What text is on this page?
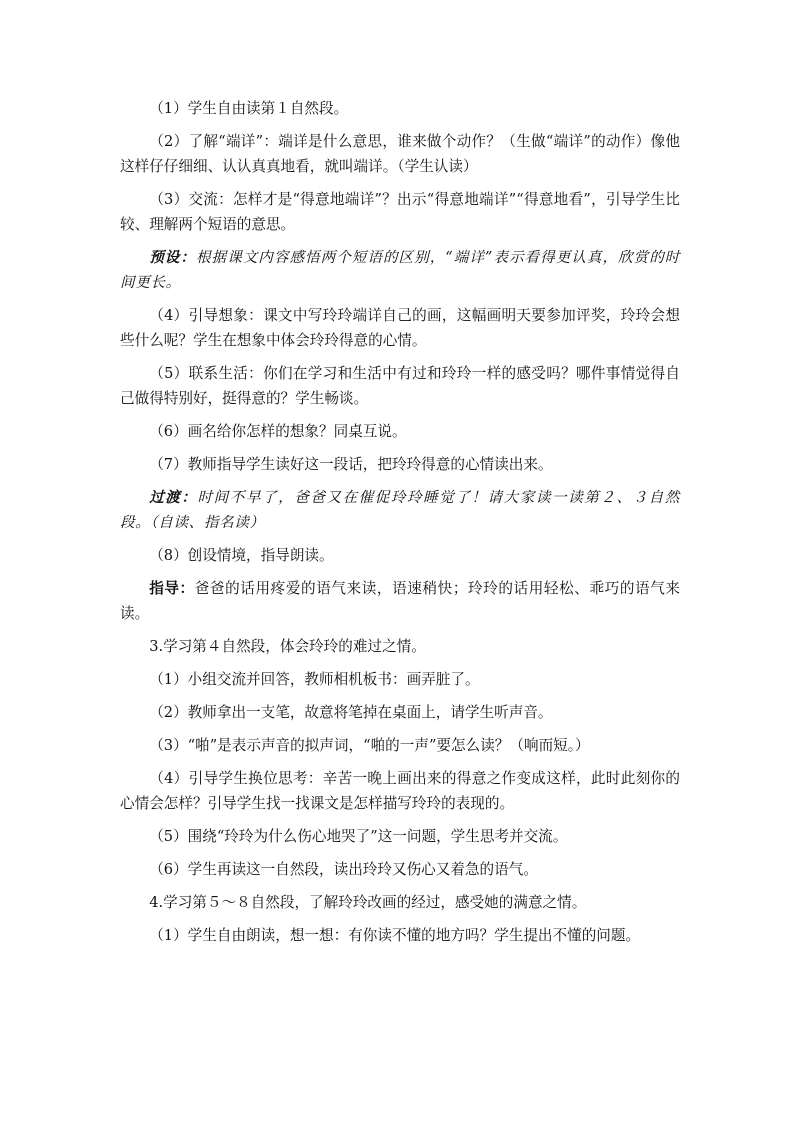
（1）学生自由读第１自然段。

（2）了解“端详”：端详是什么意思，谁来做个动作？（生做“端详”的动作）像他这样仔仔细细、认认真真地看，就叫端详。（学生认读）

（3）交流：怎样才是“得意地端详”？出示“得意地端详”“得意地看”，引导学生比较、理解两个短语的意思。

预设：根据课文内容感悟两个短语的区别，“端详”表示看得更认真，欣赏的时间更长。

（4）引导想象：课文中写玲玲端详自己的画，这幅画明天要参加评奖，玲玲会想些什么呢？学生在想象中体会玲玲得意的心情。

（5）联系生活：你们在学习和生活中有过和玲玲一样的感受吗？哪件事情觉得自己做得特别好，挺得意的？学生畅谈。

（6）画名给你怎样的想象？同桌互说。

（7）教师指导学生读好这一段话，把玲玲得意的心情读出来。

过渡：时间不早了，爸爸又在催促玲玲睡觉了！请大家读一读第２、３自然段。（自读、指名读）

（8）创设情境，指导朗读。

指导：爸爸的话用疼爱的语气来读，语速稍快；玲玲的话用轻松、乖巧的语气来读。

3.学习第４自然段，体会玲玲的难过之情。

（1）小组交流并回答，教师相机板书：画弄脏了。

（2）教师拿出一支笔，故意将笔掉在桌面上，请学生听声音。

（3）“啪”是表示声音的拟声词，“啪的一声”要怎么读？（响而短。）

（4）引导学生换位思考：辛苦一晚上画出来的得意之作变成这样，此时此刻你的心情会怎样？引导学生找一找课文是怎样描写玲玲的表现的。

（5）围绕“玲玲为什么伤心地哭了”这一问题，学生思考并交流。

（6）学生再读这一自然段，读出玲玲又伤心又着急的语气。

4.学习第５～８自然段，了解玲玲改画的经过，感受她的满意之情。

（1）学生自由朗读，想一想：有你读不懂的地方吗？学生提出不懂的问题。
